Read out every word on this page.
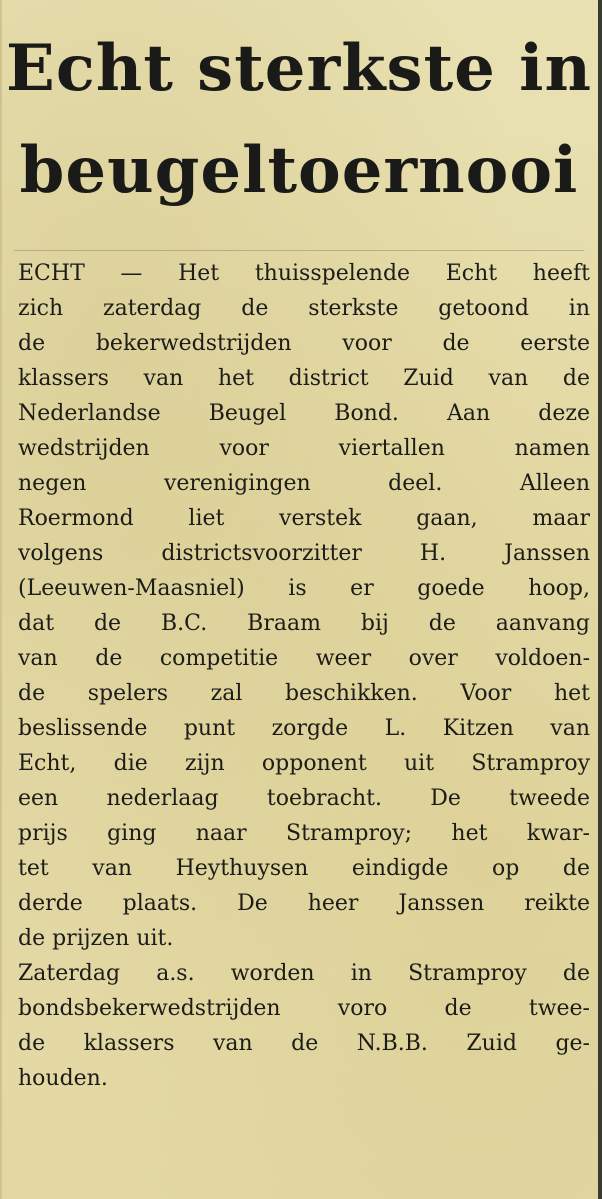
Echt sterkste in
beugeltoernooi
ECHT — Het thuisspelende Echt heeft
zich zaterdag de sterkste getoond in
de bekerwedstrijden voor de eerste
klassers van het district Zuid van de
Nederlandse Beugel Bond. Aan deze
wedstrijden voor viertallen namen
negen verenigingen deel. Alleen
Roermond liet verstek gaan, maar
volgens districtsvoorzitter H. Janssen
(Leeuwen-Maasniel) is er goede hoop,
dat de B.C. Braam bij de aanvang
van de competitie weer over voldoen-
de spelers zal beschikken. Voor het
beslissende punt zorgde L. Kitzen van
Echt, die zijn opponent uit Stramproy
een nederlaag toebracht. De tweede
prijs ging naar Stramproy; het kwar-
tet van Heythuysen eindigde op de
derde plaats. De heer Janssen reikte
de prijzen uit.
Zaterdag a.s. worden in Stramproy de
bondsbekerwedstrijden voro de twee-
de klassers van de N.B.B. Zuid ge-
houden.
